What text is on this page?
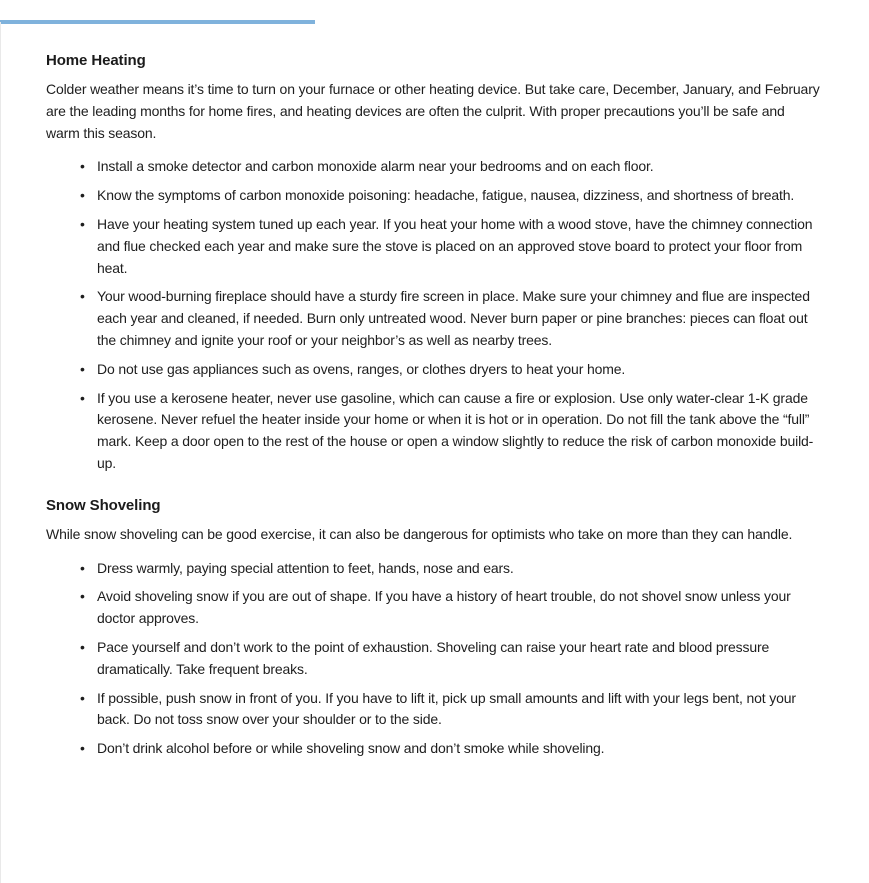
Home Heating

Colder weather means it’s time to turn on your furnace or other heating device. But take care, December, January, and February are the leading months for home fires, and heating devices are often the culprit. With proper precautions you’ll be safe and warm this season.

•
Install a smoke detector and carbon monoxide alarm near your bedrooms and on each floor.
•
Know the symptoms of carbon monoxide poisoning: headache, fatigue, nausea, dizziness, and shortness of breath.
•
Have your heating system tuned up each year. If you heat your home with a wood stove, have the chimney connection and flue checked each year and make sure the stove is placed on an approved stove board to protect your floor from heat.
•
Your wood-burning fireplace should have a sturdy fire screen in place. Make sure your chimney and flue are inspected each year and cleaned, if needed. Burn only untreated wood. Never burn paper or pine branches: pieces can float out the chimney and ignite your roof or your neighbor’s as well as nearby trees.
•
Do not use gas appliances such as ovens, ranges, or clothes dryers to heat your home.
•
If you use a kerosene heater, never use gasoline, which can cause a fire or explosion. Use only water-clear 1-K grade kerosene. Never refuel the heater inside your home or when it is hot or in operation. Do not fill the tank above the “full” mark. Keep a door open to the rest of the house or open a window slightly to reduce the risk of carbon monoxide build-up.
Snow Shoveling

While snow shoveling can be good exercise, it can also be dangerous for optimists who take on more than they can handle.

•
Dress warmly, paying special attention to feet, hands, nose and ears.
•
Avoid shoveling snow if you are out of shape. If you have a history of heart trouble, do not shovel snow unless your doctor approves.
•
Pace yourself and don’t work to the point of exhaustion. Shoveling can raise your heart rate and blood pressure dramatically. Take frequent breaks.
•
If possible, push snow in front of you. If you have to lift it, pick up small amounts and lift with your legs bent, not your back. Do not toss snow over your shoulder or to the side.
•
Don’t drink alcohol before or while shoveling snow and don’t smoke while shoveling.
